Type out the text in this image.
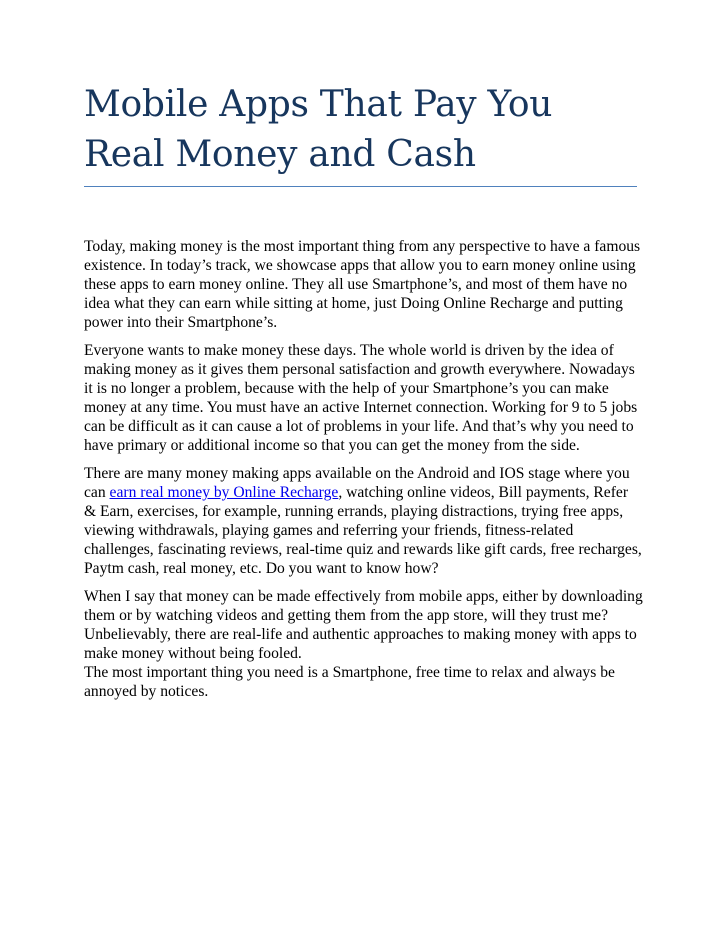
Mobile Apps That Pay You
Real Money and Cash

Today, making money is the most important thing from any perspective to have a famous existence. In today’s track, we showcase apps that allow you to earn money online using these apps to earn money online. They all use Smartphone’s, and most of them have no idea what they can earn while sitting at home, just Doing Online Recharge and putting power into their Smartphone’s.

Everyone wants to make money these days. The whole world is driven by the idea of making money as it gives them personal satisfaction and growth everywhere. Nowadays it is no longer a problem, because with the help of your Smartphone’s you can make money at any time. You must have an active Internet connection. Working for 9 to 5 jobs can be difficult as it can cause a lot of problems in your life. And that’s why you need to have primary or additional income so that you can get the money from the side.

There are many money making apps available on the Android and IOS stage where you can earn real money by Online Recharge, watching online videos, Bill payments, Refer & Earn, exercises, for example, running errands, playing distractions, trying free apps, viewing withdrawals, playing games and referring your friends, fitness-related challenges, fascinating reviews, real-time quiz and rewards like gift cards, free recharges, Paytm cash, real money, etc. Do you want to know how?

When I say that money can be made effectively from mobile apps, either by downloading them or by watching videos and getting them from the app store, will they trust me? Unbelievably, there are real-life and authentic approaches to making money with apps to make money without being fooled.
The most important thing you need is a Smartphone, free time to relax and always be annoyed by notices.
